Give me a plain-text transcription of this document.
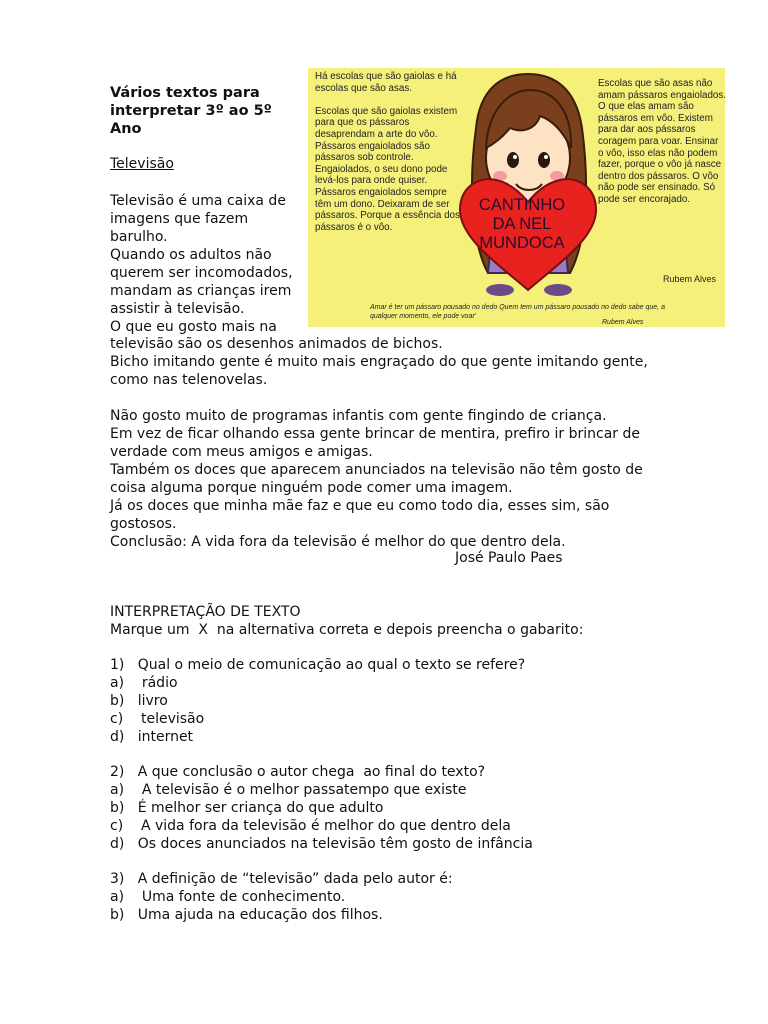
Vários textos para
interpretar 3º ao 5º
Ano
Televisão
Televisão é uma caixa de
imagens que fazem
barulho.
Quando os adultos não
querem ser incomodados,
mandam as crianças irem
assistir à televisão.
O que eu gosto mais na
Há escolas que são gaiolas e há escolas que são asas.

Escolas que são gaiolas existem para que os pássaros desaprendam a arte do vôo. Pássaros engaiolados são pássaros sob controle. Engaiolados, o seu dono pode levá-los para onde quiser. Pássaros engaiolados sempre têm um dono. Deixaram de ser pássaros. Porque a essência dos pássaros é o vôo.
Escolas que são asas não amam pássaros engaiolados. O que elas amam são pássaros em vôo. Existem para dar aos pássaros coragem para voar. Ensinar o vôo, isso elas não podem fazer, porque o vôo já nasce dentro dos pássaros. O vôo não pode ser ensinado. Só pode ser encorajado.
Rubem Alves
Amar é ter um pássaro pousado no dedo Quem tem um pássaro pousado no dedo sabe que, a qualquer momento, ele pode voar'
Rubem Alves
CANTINHO
DA NEL
MUNDOCA
televisão são os desenhos animados de bichos.
Bicho imitando gente é muito mais engraçado do que gente imitando gente,
como nas telenovelas.
Não gosto muito de programas infantis com gente fingindo de criança.
Em vez de ficar olhando essa gente brincar de mentira, prefiro ir brincar de
verdade com meus amigos e amigas.
Também os doces que aparecem anunciados na televisão não têm gosto de
coisa alguma porque ninguém pode comer uma imagem.
Já os doces que minha mãe faz e que eu como todo dia, esses sim, são
gostosos.
Conclusão: A vida fora da televisão é melhor do que dentro dela.
José Paulo Paes
INTERPRETAÇÃO DE TEXTO
Marque um  X  na alternativa correta e depois preencha o gabarito:
1)   Qual o meio de comunicação ao qual o texto se refere?
a)    rádio
b)   livro
c)    televisão
d)   internet
2)   A que conclusão o autor chega  ao final do texto?
a)    A televisão é o melhor passatempo que existe
b)   É melhor ser criança do que adulto
c)    A vida fora da televisão é melhor do que dentro dela
d)   Os doces anunciados na televisão têm gosto de infância
3)   A definição de “televisão” dada pelo autor é:
a)    Uma fonte de conhecimento.
b)   Uma ajuda na educação dos filhos.
